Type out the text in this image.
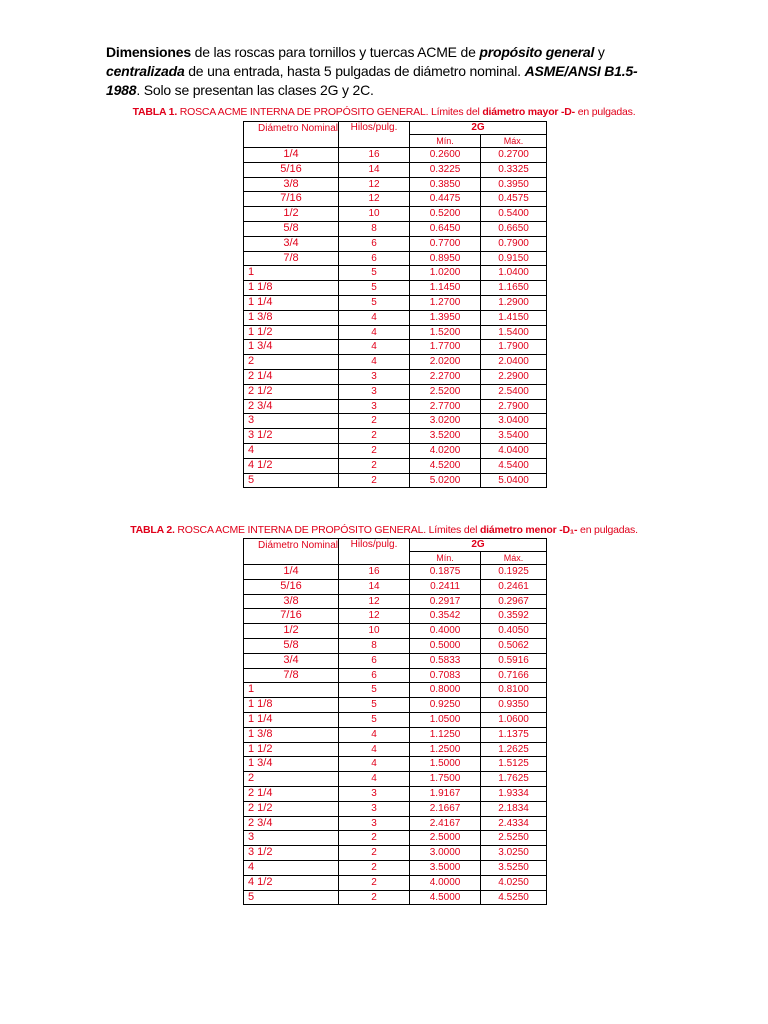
Dimensiones de las roscas para tornillos y tuercas ACME de propósito general y centralizada de una entrada, hasta 5 pulgadas de diámetro nominal. ASME/ANSI B1.5-1988. Solo se presentan las clases 2G y 2C.
TABLA 1. ROSCA ACME INTERNA DE PROPÓSITO GENERAL. Límites del diámetro mayor -D- en pulgadas.
Diámetro Nominal	Hilos/pulg.	2G	
		Mín.	Máx.
1/4	16	0.2600	0.2700
5/16	14	0.3225	0.3325
3/8	12	0.3850	0.3950
7/16	12	0.4475	0.4575
1/2	10	0.5200	0.5400
5/8	8	0.6450	0.6650
3/4	6	0.7700	0.7900
7/8	6	0.8950	0.9150
1	5	1.0200	1.0400
1 1/8	5	1.1450	1.1650
1 1/4	5	1.2700	1.2900
1 3/8	4	1.3950	1.4150
1 1/2	4	1.5200	1.5400
1 3/4	4	1.7700	1.7900
2	4	2.0200	2.0400
2 1/4	3	2.2700	2.2900
2 1/2	3	2.5200	2.5400
2 3/4	3	2.7700	2.7900
3	2	3.0200	3.0400
3 1/2	2	3.5200	3.5400
4	2	4.0200	4.0400
4 1/2	2	4.5200	4.5400
5	2	5.0200	5.0400
TABLA 2. ROSCA ACME INTERNA DE PROPÓSITO GENERAL. Límites del diámetro menor -D₁- en pulgadas.
Diámetro Nominal	Hilos/pulg.	2G	
		Mín.	Máx.
1/4	16	0.1875	0.1925
5/16	14	0.2411	0.2461
3/8	12	0.2917	0.2967
7/16	12	0.3542	0.3592
1/2	10	0.4000	0.4050
5/8	8	0.5000	0.5062
3/4	6	0.5833	0.5916
7/8	6	0.7083	0.7166
1	5	0.8000	0.8100
1 1/8	5	0.9250	0.9350
1 1/4	5	1.0500	1.0600
1 3/8	4	1.1250	1.1375
1 1/2	4	1.2500	1.2625
1 3/4	4	1.5000	1.5125
2	4	1.7500	1.7625
2 1/4	3	1.9167	1.9334
2 1/2	3	2.1667	2.1834
2 3/4	3	2.4167	2.4334
3	2	2.5000	2.5250
3 1/2	2	3.0000	3.0250
4	2	3.5000	3.5250
4 1/2	2	4.0000	4.0250
5	2	4.5000	4.5250
